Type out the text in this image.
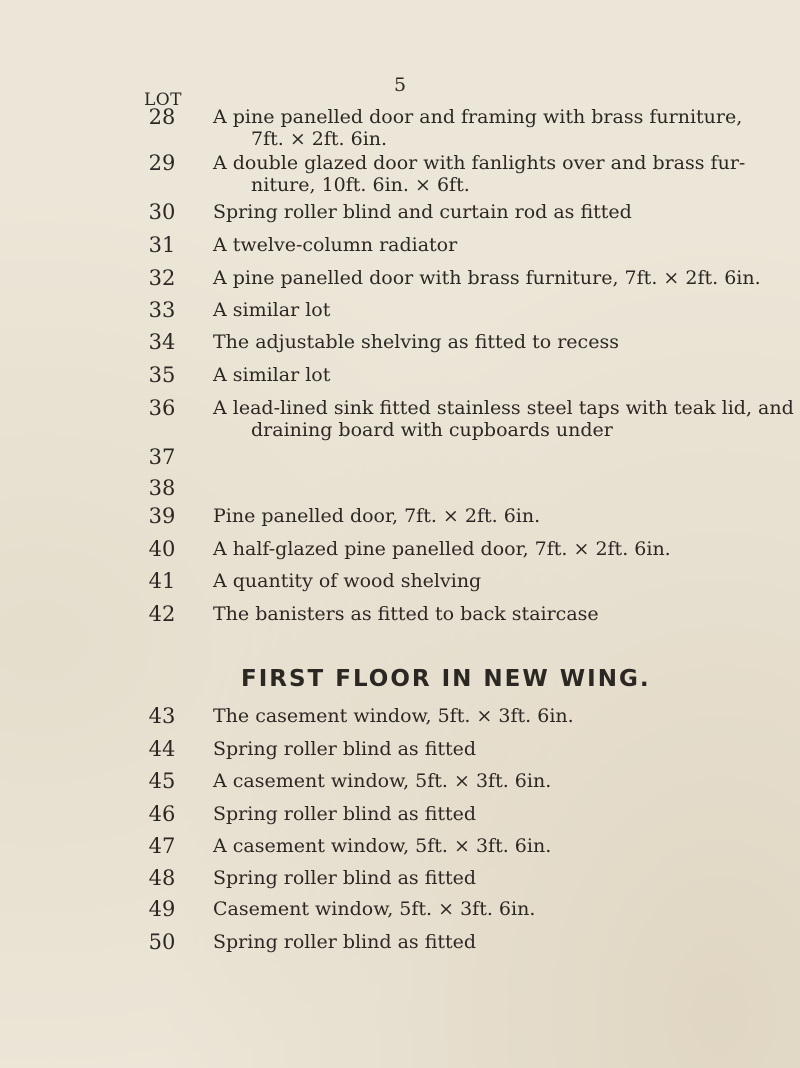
5
LOT
28	A pine panelled door and framing with brass furniture,
7ft. × 2ft. 6in.
29	A double glazed door with fanlights over and brass fur-
niture, 10ft. 6in. × 6ft.
30	Spring roller blind and curtain rod as fitted
31	A twelve-column radiator
32	A pine panelled door with brass furniture, 7ft. × 2ft. 6in.
33	A similar lot
34	The adjustable shelving as fitted to recess
35	A similar lot
36	A lead-lined sink fitted stainless steel taps with teak lid, and
draining board with cupboards under
37
38
39	Pine panelled door, 7ft. × 2ft. 6in.
40	A half-glazed pine panelled door, 7ft. × 2ft. 6in.
41	A quantity of wood shelving
42	The banisters as fitted to back staircase
FIRST FLOOR IN NEW WING.
43	The casement window, 5ft. × 3ft. 6in.
44	Spring roller blind as fitted
45	A casement window, 5ft. × 3ft. 6in.
46	Spring roller blind as fitted
47	A casement window, 5ft. × 3ft. 6in.
48	Spring roller blind as fitted
49	Casement window, 5ft. × 3ft. 6in.
50	Spring roller blind as fitted
